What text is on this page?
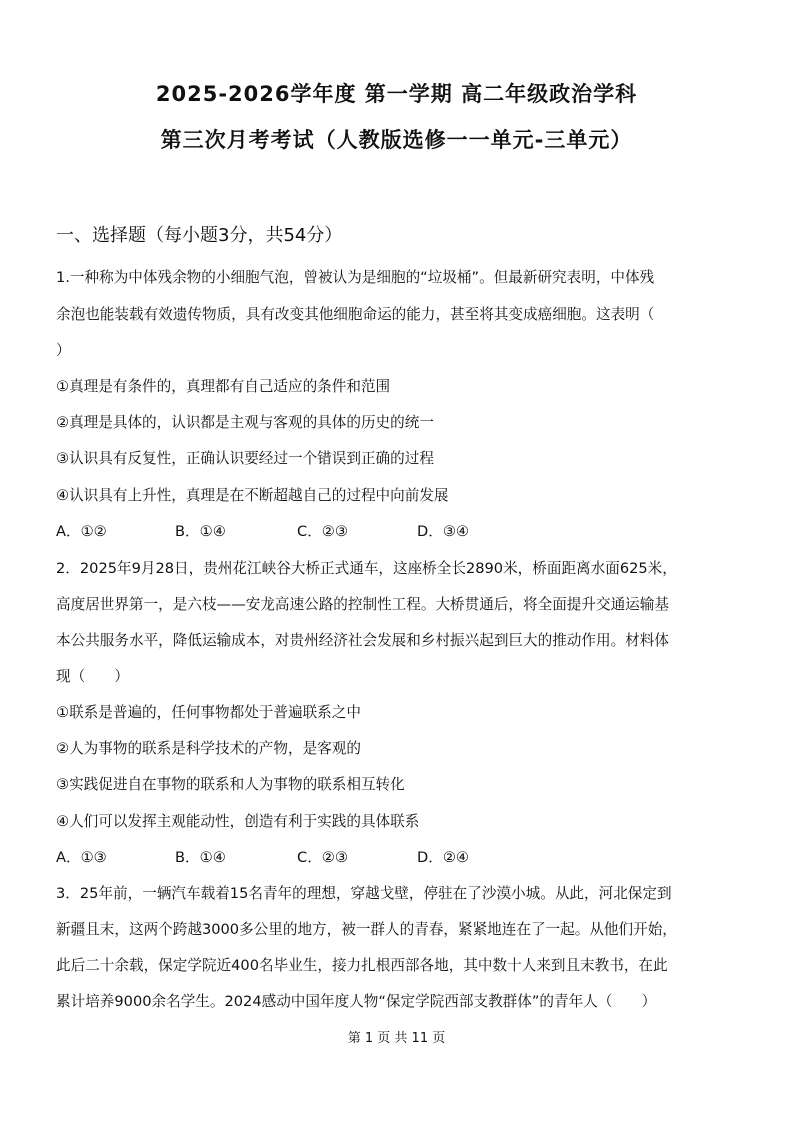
2025-2026学年度 第一学期 高二年级政治学科
第三次月考考试（人教版选修一一单元-三单元）
一、选择题（每小题3分，共54分）
1.一种称为中体残余物的小细胞气泡，曾被认为是细胞的“垃圾桶”。但最新研究表明，中体残
余泡也能装载有效遗传物质，具有改变其他细胞命运的能力，甚至将其变成癌细胞。这表明（
）
①真理是有条件的，真理都有自己适应的条件和范围
②真理是具体的，认识都是主观与客观的具体的历史的统一
③认识具有反复性，正确认识要经过一个错误到正确的过程
④认识具有上升性，真理是在不断超越自己的过程中向前发展
A．①②	B．①④	C．②③	D．③④
2．2025年9月28日，贵州花江峡谷大桥正式通车，这座桥全长2890米，桥面距离水面625米，
高度居世界第一，是六枝——安龙高速公路的控制性工程。大桥贯通后，将全面提升交通运输基
本公共服务水平，降低运输成本，对贵州经济社会发展和乡村振兴起到巨大的推动作用。材料体
现（　　）
①联系是普遍的，任何事物都处于普遍联系之中
②人为事物的联系是科学技术的产物，是客观的
③实践促进自在事物的联系和人为事物的联系相互转化
④人们可以发挥主观能动性，创造有利于实践的具体联系
A．①③	B．①④	C．②③	D．②④
3．25年前，一辆汽车载着15名青年的理想，穿越戈壁，停驻在了沙漠小城。从此，河北保定到
新疆且末，这两个跨越3000多公里的地方，被一群人的青春，紧紧地连在了一起。从他们开始，
此后二十余载，保定学院近400名毕业生，接力扎根西部各地，其中数十人来到且末教书，在此
累计培养9000余名学生。2024感动中国年度人物“保定学院西部支教群体”的青年人（　　）
第 1 页 共 11 页
